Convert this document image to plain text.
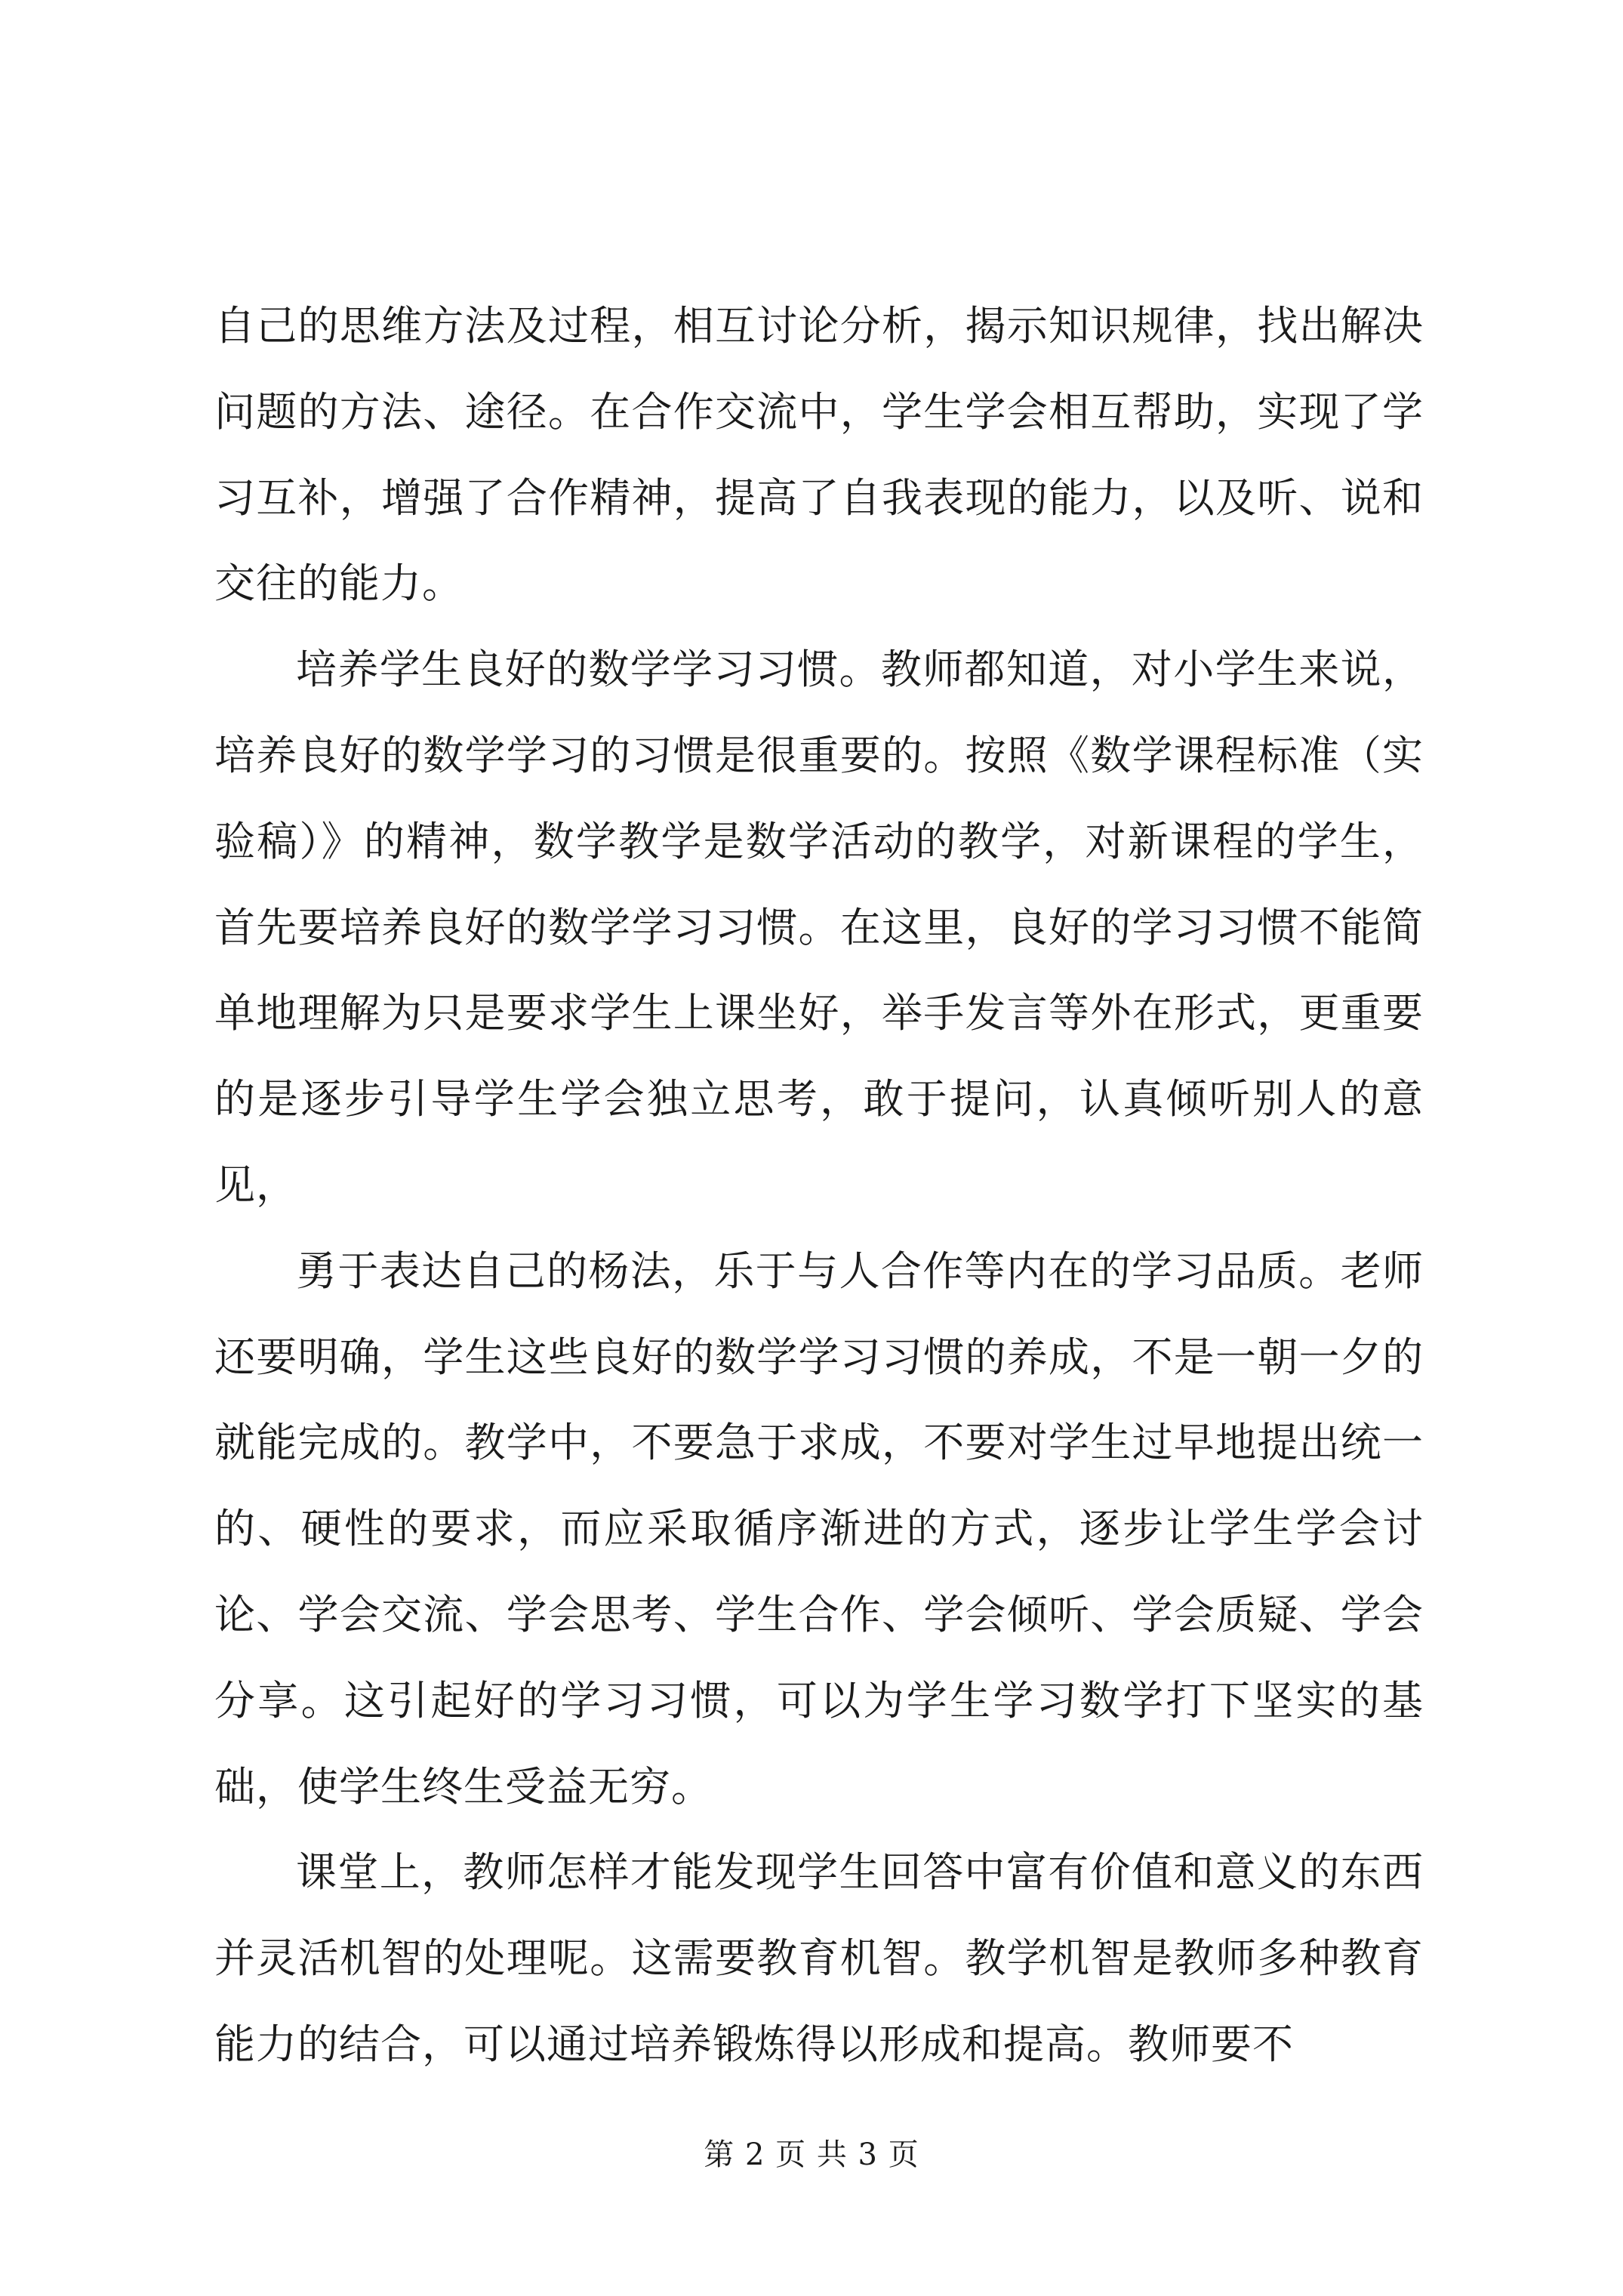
自己的思维方法及过程，相互讨论分析，揭示知识规律，找出解决问题的方法、途径。在合作交流中，学生学会相互帮助，实现了学习互补，增强了合作精神，提高了自我表现的能力，以及听、说和交往的能力。

培养学生良好的数学学习习惯。教师都知道，对小学生来说，培养良好的数学学习的习惯是很重要的。按照《数学课程标准（实验稿）》的精神，数学教学是数学活动的教学，对新课程的学生，首先要培养良好的数学学习习惯。在这里，良好的学习习惯不能简单地理解为只是要求学生上课坐好，举手发言等外在形式，更重要的是逐步引导学生学会独立思考，敢于提问，认真倾听别人的意见，

勇于表达自己的杨法，乐于与人合作等内在的学习品质。老师还要明确，学生这些良好的数学学习习惯的养成，不是一朝一夕的就能完成的。教学中，不要急于求成，不要对学生过早地提出统一的、硬性的要求，而应采取循序渐进的方式，逐步让学生学会讨论、学会交流、学会思考、学生合作、学会倾听、学会质疑、学会分享。这引起好的学习习惯，可以为学生学习数学打下坚实的基础，使学生终生受益无穷。

课堂上，教师怎样才能发现学生回答中富有价值和意义的东西并灵活机智的处理呢。这需要教育机智。教学机智是教师多种教育能力的结合，可以通过培养锻炼得以形成和提高。教师要不

第 2 页 共 3 页
